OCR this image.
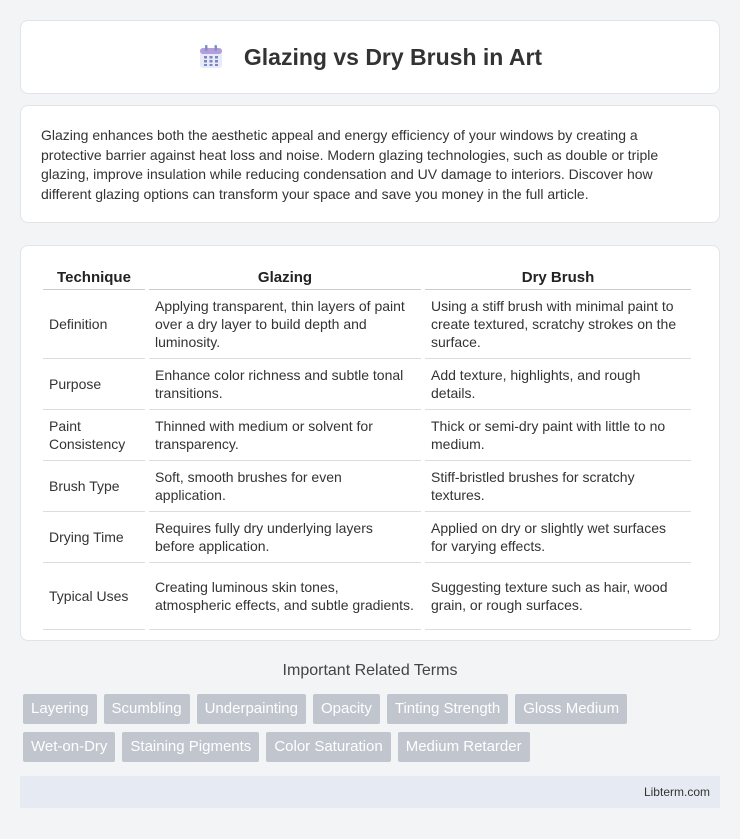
Glazing vs Dry Brush in Art

Glazing enhances both the aesthetic appeal and energy efficiency of your windows by creating a protective barrier against heat loss and noise. Modern glazing technologies, such as double or triple glazing, improve insulation while reducing condensation and UV damage to interiors. Discover how different glazing options can transform your space and save you money in the full article.

Technique	Glazing	Dry Brush
Definition	Applying transparent, thin layers of paint over a dry layer to build depth and luminosity.	Using a stiff brush with minimal paint to create textured, scratchy strokes on the surface.
Purpose	Enhance color richness and subtle tonal transitions.	Add texture, highlights, and rough details.
Paint Consistency	Thinned with medium or solvent for transparency.	Thick or semi-dry paint with little to no medium.
Brush Type	Soft, smooth brushes for even application.	Stiff-bristled brushes for scratchy textures.
Drying Time	Requires fully dry underlying layers before application.	Applied on dry or slightly wet surfaces for varying effects.
Typical Uses	Creating luminous skin tones, atmospheric effects, and subtle gradients.	Suggesting texture such as hair, wood grain, or rough surfaces.
Important Related Terms
Layering	Scumbling	Underpainting	Opacity	Tinting Strength	Gloss Medium
Wet-on-Dry	Staining Pigments	Color Saturation	Medium Retarder
Libterm.com
